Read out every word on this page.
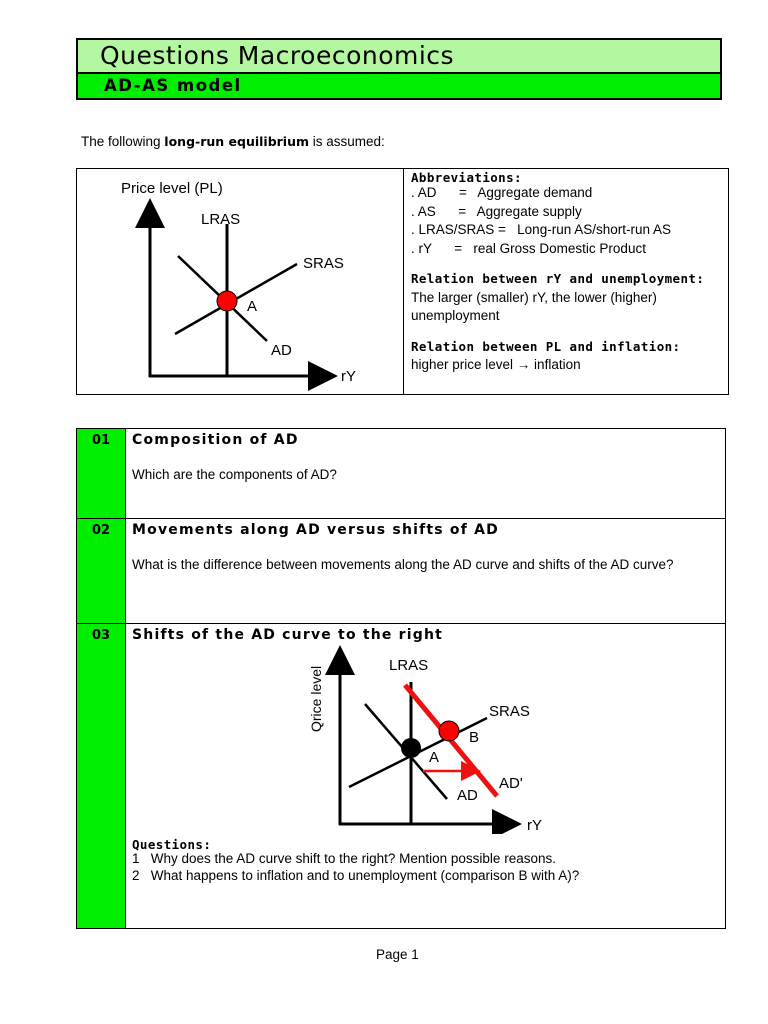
Questions Macroeconomics
AD-AS model
The following long-run equilibrium is assumed:
Price level (PL)
rY
LRAS
SRAS
AD
A
Abbreviations:
. AD      =   Aggregate demand
. AS      =   Aggregate supply
. LRAS/SRAS =   Long-run AS/short-run AS
. rY      =   real Gross Domestic Product
Relation between rY and unemployment:
The larger (smaller) rY, the lower (higher) unemployment
Relation between PL and inflation:
higher price level → inflation
01	Composition of AD
Which are the components of AD?
02	Movements along AD versus shifts of AD
What is the difference between movements along the AD curve and shifts of the AD curve?
03	Shifts of the AD curve to the right
Qrice level
rY
LRAS
SRAS
AD
AD'
A
B
Questions:
1   Why does the AD curve shift to the right? Mention possible reasons.
2   What happens to inflation and to unemployment (comparison B with A)?
Page 1
